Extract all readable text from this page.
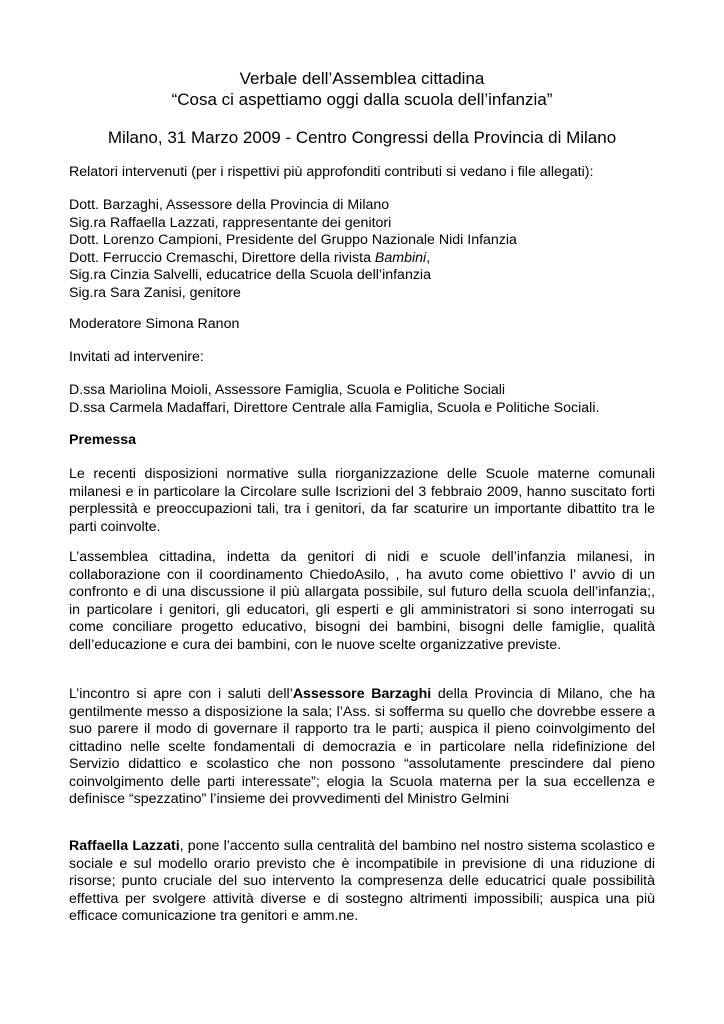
Verbale dell’Assemblea cittadina
“Cosa ci aspettiamo oggi dalla scuola dell’infanzia”
Milano, 31 Marzo 2009 - Centro Congressi della Provincia di Milano
Relatori intervenuti (per i rispettivi più approfonditi contributi si vedano i file allegati):
Dott. Barzaghi, Assessore della Provincia di Milano
Sig.ra Raffaella Lazzati, rappresentante dei genitori
Dott. Lorenzo Campioni, Presidente del Gruppo Nazionale Nidi Infanzia
Dott. Ferruccio Cremaschi, Direttore della rivista Bambini,
Sig.ra Cinzia Salvelli, educatrice della Scuola dell’infanzia
Sig.ra Sara Zanisi, genitore
Moderatore Simona Ranon
Invitati ad intervenire:
D.ssa Mariolina Moioli, Assessore Famiglia, Scuola e Politiche Sociali
D.ssa Carmela Madaffari, Direttore Centrale alla Famiglia, Scuola e Politiche Sociali.
Premessa
Le recenti disposizioni normative sulla riorganizzazione delle Scuole materne comunali milanesi e in particolare la Circolare sulle Iscrizioni del 3 febbraio 2009, hanno suscitato forti perplessità e preoccupazioni tali, tra i genitori, da far scaturire un importante dibattito tra le parti coinvolte.
L’assemblea cittadina, indetta da genitori di nidi e scuole dell’infanzia milanesi, in collaborazione con il coordinamento ChiedoAsilo, , ha avuto come obiettivo l’ avvio di un confronto e di una discussione il più allargata possibile, sul futuro della scuola dell’infanzia;, in particolare i genitori, gli educatori, gli esperti e gli amministratori si sono interrogati su come conciliare progetto educativo, bisogni dei bambini, bisogni delle famiglie, qualità dell’educazione e cura dei bambini, con le nuove scelte organizzative previste.
L’incontro si apre con i saluti dell’Assessore Barzaghi della Provincia di Milano, che ha gentilmente messo a disposizione la sala; l’Ass. si sofferma su quello che dovrebbe essere a suo parere il modo di governare il rapporto tra le parti; auspica il pieno coinvolgimento del cittadino nelle scelte fondamentali di democrazia e in particolare nella ridefinizione del Servizio didattico e scolastico che non possono “assolutamente prescindere dal pieno coinvolgimento delle parti interessate”; elogia la Scuola materna per la sua eccellenza e definisce “spezzatino” l’insieme dei provvedimenti del Ministro Gelmini
Raffaella Lazzati, pone l’accento sulla centralità del bambino nel nostro sistema scolastico e sociale e sul modello orario previsto che è incompatibile in previsione di una riduzione di risorse; punto cruciale del suo intervento la compresenza delle educatrici quale possibilità effettiva per svolgere attività diverse e di sostegno altrimenti impossibili; auspica una più efficace comunicazione tra genitori e amm.ne.
